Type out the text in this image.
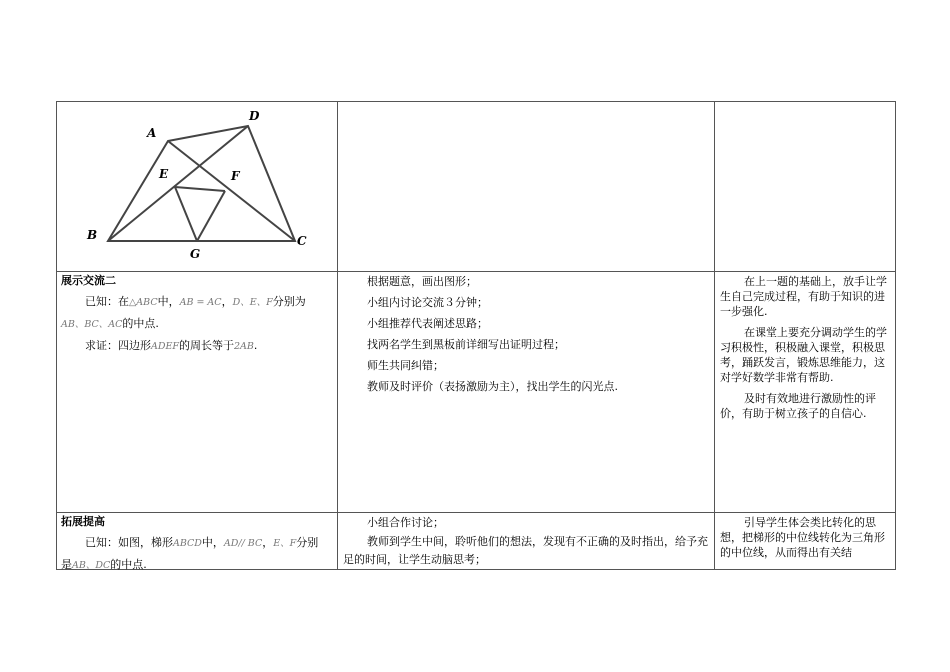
A
D
E	F
B	C
G

展示交流二

已知：在△ABC中，AB = AC，D、E、F分别为

AB、BC、AC的中点.

求证：四边形ADEF的周长等于2AB.

根据题意，画出图形；

小组内讨论交流３分钟；

小组推荐代表阐述思路；

找两名学生到黑板前详细写出证明过程；

师生共同纠错；

教师及时评价（表扬激励为主），找出学生的闪光点.

在上一题的基础上，放手让学生自己完成过程，有助于知识的进一步强化.

在课堂上要充分调动学生的学习积极性，积极融入课堂，积极思考，踊跃发言，锻炼思维能力，这对学好数学非常有帮助.

及时有效地进行激励性的评价，有助于树立孩子的自信心.

拓展提高

已知：如图，梯形ABCD中，AD// BC，E、F分别

是AB、DC的中点.

小组合作讨论；

教师到学生中间，聆听他们的想法，发现有不正确的及时指出，给予充足的时间，让学生动脑思考；

引导学生体会类比转化的思想，把梯形的中位线转化为三角形的中位线，从而得出有关结
